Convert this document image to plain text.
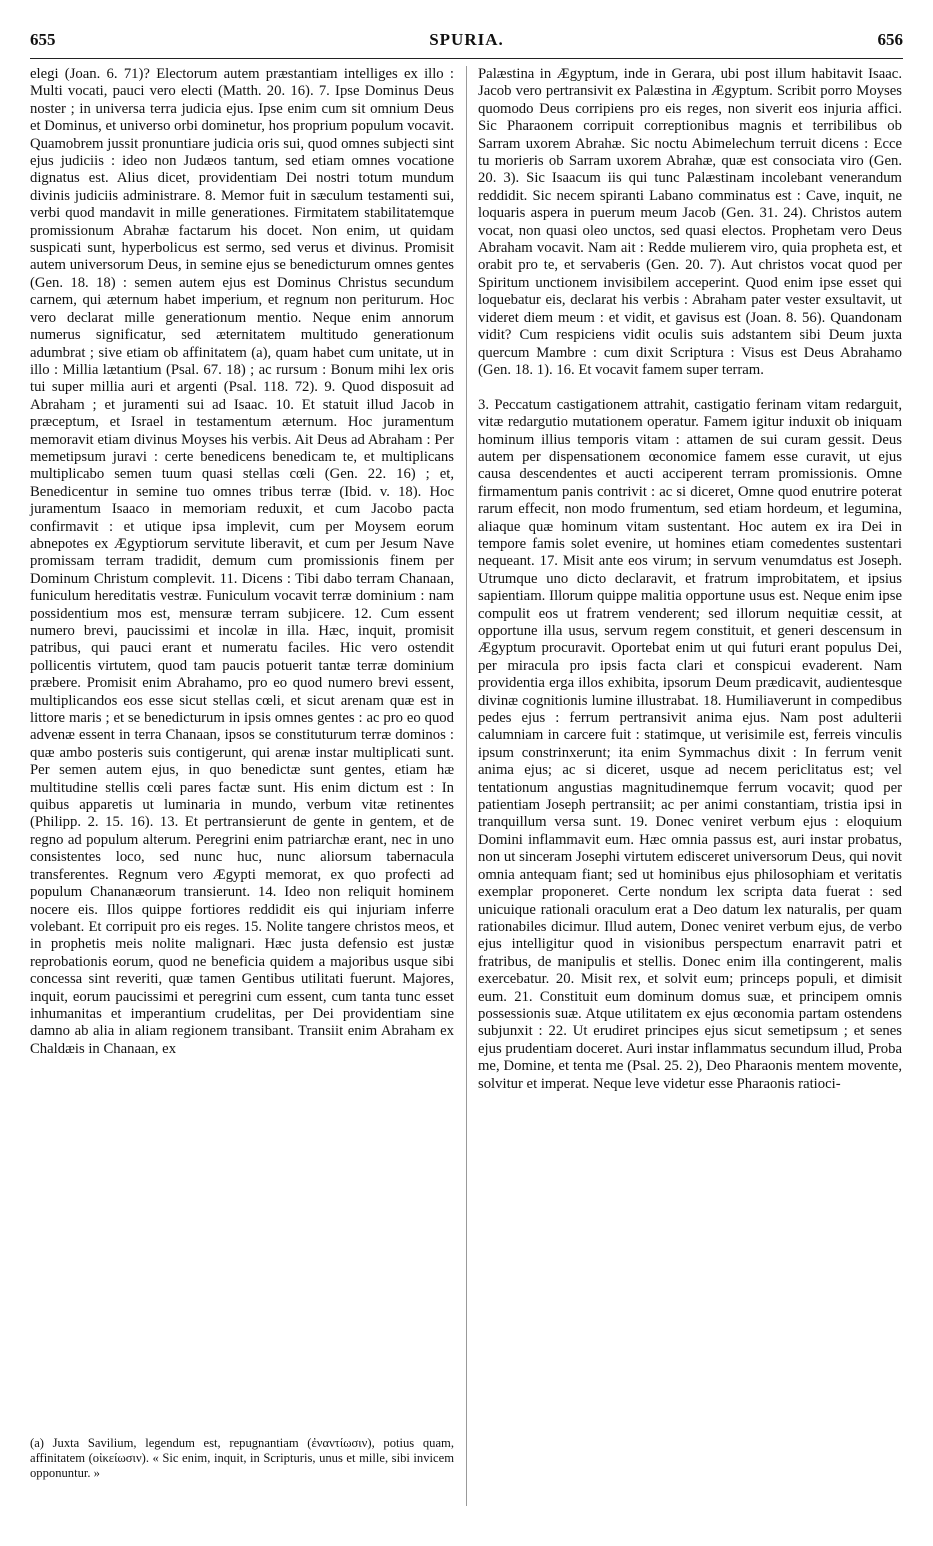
655	SPURIA.	656
elegi (Joan. 6. 71)? Electorum autem præstantiam intelliges ex illo : Multi vocati, pauci vero electi (Matth. 20. 16). 7. Ipse Dominus Deus noster ; in universa terra judicia ejus. Ipse enim cum sit omnium Deus et Dominus, et universo orbi dominetur, hos proprium populum vocavit. Quamobrem jussit pronuntiare judicia oris sui, quod omnes subjecti sint ejus judiciis : ideo non Judæos tantum, sed etiam omnes vocatione dignatus est. Alius dicet, providentiam Dei nostri totum mundum divinis judiciis administrare. 8. Memor fuit in sæculum testamenti sui, verbi quod mandavit in mille generationes. Firmitatem stabilitatemque promissionum Abrahæ factarum his docet. Non enim, ut quidam suspicati sunt, hyperbolicus est sermo, sed verus et divinus. Promisit autem universorum Deus, in semine ejus se benedicturum omnes gentes (Gen. 18. 18) : semen autem ejus est Dominus Christus secundum carnem, qui æternum habet imperium, et regnum non periturum. Hoc vero declarat mille generationum mentio. Neque enim annorum numerus significatur, sed æternitatem multitudo generationum adumbrat ; sive etiam ob affinitatem (a), quam habet cum unitate, ut in illo : Millia lætantium (Psal. 67. 18) ; ac rursum : Bonum mihi lex oris tui super millia auri et argenti (Psal. 118. 72). 9. Quod disposuit ad Abraham ; et juramenti sui ad Isaac. 10. Et statuit illud Jacob in præceptum, et Israel in testamentum æternum. Hoc juramentum memoravit etiam divinus Moyses his verbis. Ait Deus ad Abraham : Per memetipsum juravi : certe benedicens benedicam te, et multiplicans multiplicabo semen tuum quasi stellas cœli (Gen. 22. 16) ; et, Benedicentur in semine tuo omnes tribus terræ (Ibid. v. 18). Hoc juramentum Isaaco in memoriam reduxit, et cum Jacobo pacta confirmavit : et utique ipsa implevit, cum per Moysem eorum abnepotes ex Ægyptiorum servitute liberavit, et cum per Jesum Nave promissam terram tradidit, demum cum promissionis finem per Dominum Christum complevit. 11. Dicens : Tibi dabo terram Chanaan, funiculum hereditatis vestræ. Funiculum vocavit terræ dominium : nam possidentium mos est, mensuræ terram subjicere. 12. Cum essent numero brevi, paucissimi et incolæ in illa. Hæc, inquit, promisit patribus, qui pauci erant et numeratu faciles. Hic vero ostendit pollicentis virtutem, quod tam paucis potuerit tantæ terræ dominium præbere. Promisit enim Abrahamo, pro eo quod numero brevi essent, multiplicandos eos esse sicut stellas cœli, et sicut arenam quæ est in littore maris ; et se benedicturum in ipsis omnes gentes : ac pro eo quod advenæ essent in terra Chanaan, ipsos se constituturum terræ dominos : quæ ambo posteris suis contigerunt, qui arenæ instar multiplicati sunt. Per semen autem ejus, in quo benedictæ sunt gentes, etiam hæ multitudine stellis cœli pares factæ sunt. His enim dictum est : In quibus apparetis ut luminaria in mundo, verbum vitæ retinentes (Philipp. 2. 15. 16). 13. Et pertransierunt de gente in gentem, et de regno ad populum alterum. Peregrini enim patriarchæ erant, nec in uno consistentes loco, sed nunc huc, nunc aliorsum tabernacula transferentes. Regnum vero Ægypti memorat, ex quo profecti ad populum Chananæorum transierunt. 14. Ideo non reliquit hominem nocere eis. Illos quippe fortiores reddidit eis qui injuriam inferre volebant. Et corripuit pro eis reges. 15. Nolite tangere christos meos, et in prophetis meis nolite malignari. Hæc justa defensio est justæ reprobationis eorum, quod ne beneficia quidem a majoribus usque sibi concessa sint reveriti, quæ tamen Gentibus utilitati fuerunt. Majores, inquit, eorum paucissimi et peregrini cum essent, cum tanta tunc esset inhumanitas et imperantium crudelitas, per Dei providentiam sine damno ab alia in aliam regionem transibant. Transiit enim Abraham ex Chaldæis in Chanaan, ex
Palæstina in Ægyptum, inde in Gerara, ubi post illum habitavit Isaac. Jacob vero pertransivit ex Palæstina in Ægyptum. Scribit porro Moyses quomodo Deus corripiens pro eis reges, non siverit eos injuria affici. Sic Pharaonem corripuit correptionibus magnis et terribilibus ob Sarram uxorem Abrahæ. Sic noctu Abimelechum terruit dicens : Ecce tu morieris ob Sarram uxorem Abrahæ, quæ est consociata viro (Gen. 20. 3). Sic Isaacum iis qui tunc Palæstinam incolebant venerandum reddidit. Sic necem spiranti Labano comminatus est : Cave, inquit, ne loquaris aspera in puerum meum Jacob (Gen. 31. 24). Christos autem vocat, non quasi oleo unctos, sed quasi electos. Prophetam vero Deus Abraham vocavit. Nam ait : Redde mulierem viro, quia propheta est, et orabit pro te, et servaberis (Gen. 20. 7). Aut christos vocat quod per Spiritum unctionem invisibilem acceperint. Quod enim ipse esset qui loquebatur eis, declarat his verbis : Abraham pater vester exsultavit, ut videret diem meum : et vidit, et gavisus est (Joan. 8. 56). Quandonam vidit? Cum respiciens vidit oculis suis adstantem sibi Deum juxta quercum Mambre : cum dixit Scriptura : Visus est Deus Abrahamo (Gen. 18. 1). 16. Et vocavit famem super terram.

3. Peccatum castigationem attrahit, castigatio ferinam vitam redarguit, vitæ redargutio mutationem operatur. Famem igitur induxit ob iniquam hominum illius temporis vitam : attamen de sui curam gessit. Deus autem per dispensationem œconomice famem esse curavit, ut ejus causa descendentes et aucti acciperent terram promissionis. Omne firmamentum panis contrivit : ac si diceret, Omne quod enutrire poterat rarum effecit, non modo frumentum, sed etiam hordeum, et legumina, aliaque quæ hominum vitam sustentant. Hoc autem ex ira Dei in tempore famis solet evenire, ut homines etiam comedentes sustentari nequeant. 17. Misit ante eos virum; in servum venumdatus est Joseph. Utrumque uno dicto declaravit, et fratrum improbitatem, et ipsius sapientiam. Illorum quippe malitia opportune usus est. Neque enim ipse compulit eos ut fratrem venderent; sed illorum nequitiæ cessit, at opportune illa usus, servum regem constituit, et generi descensum in Ægyptum procuravit. Oportebat enim ut qui futuri erant populus Dei, per miracula pro ipsis facta clari et conspicui evaderent. Nam providentia erga illos exhibita, ipsorum Deum prædicavit, audientesque divinæ cognitionis lumine illustrabat. 18. Humiliaverunt in compedibus pedes ejus : ferrum pertransivit anima ejus. Nam post adulterii calumniam in carcere fuit : statimque, ut verisimile est, ferreis vinculis ipsum constrinxerunt; ita enim Symmachus dixit : In ferrum venit anima ejus; ac si diceret, usque ad necem periclitatus est; vel tentationum angustias magnitudinemque ferrum vocavit; quod per patientiam Joseph pertransiit; ac per animi constantiam, tristia ipsi in tranquillum versa sunt. 19. Donec veniret verbum ejus : eloquium Domini inflammavit eum. Hæc omnia passus est, auri instar probatus, non ut sinceram Josephi virtutem edisceret universorum Deus, qui novit omnia antequam fiant; sed ut hominibus ejus philosophiam et veritatis exemplar proponeret. Certe nondum lex scripta data fuerat : sed unicuique rationali oraculum erat a Deo datum lex naturalis, per quam rationabiles dicimur. Illud autem, Donec veniret verbum ejus, de verbo ejus intelligitur quod in visionibus perspectum enarravit patri et fratribus, de manipulis et stellis. Donec enim illa contingerent, malis exercebatur. 20. Misit rex, et solvit eum; princeps populi, et dimisit eum. 21. Constituit eum dominum domus suæ, et principem omnis possessionis suæ. Atque utilitatem ex ejus œconomia partam ostendens subjunxit : 22. Ut erudiret principes ejus sicut semetipsum ; et senes ejus prudentiam doceret. Auri instar inflammatus secundum illud, Proba me, Domine, et tenta me (Psal. 25. 2), Deo Pharaonis mentem movente, solvitur et imperat. Neque leve videtur esse Pharaonis ratioci-
(a) Juxta Savilium, legendum est, repugnantiam (ἐναντίωσιν), potius quam, affinitatem (οἰκείωσιν). « Sic enim, inquit, in Scripturis, unus et mille, sibi invicem opponuntur. »
